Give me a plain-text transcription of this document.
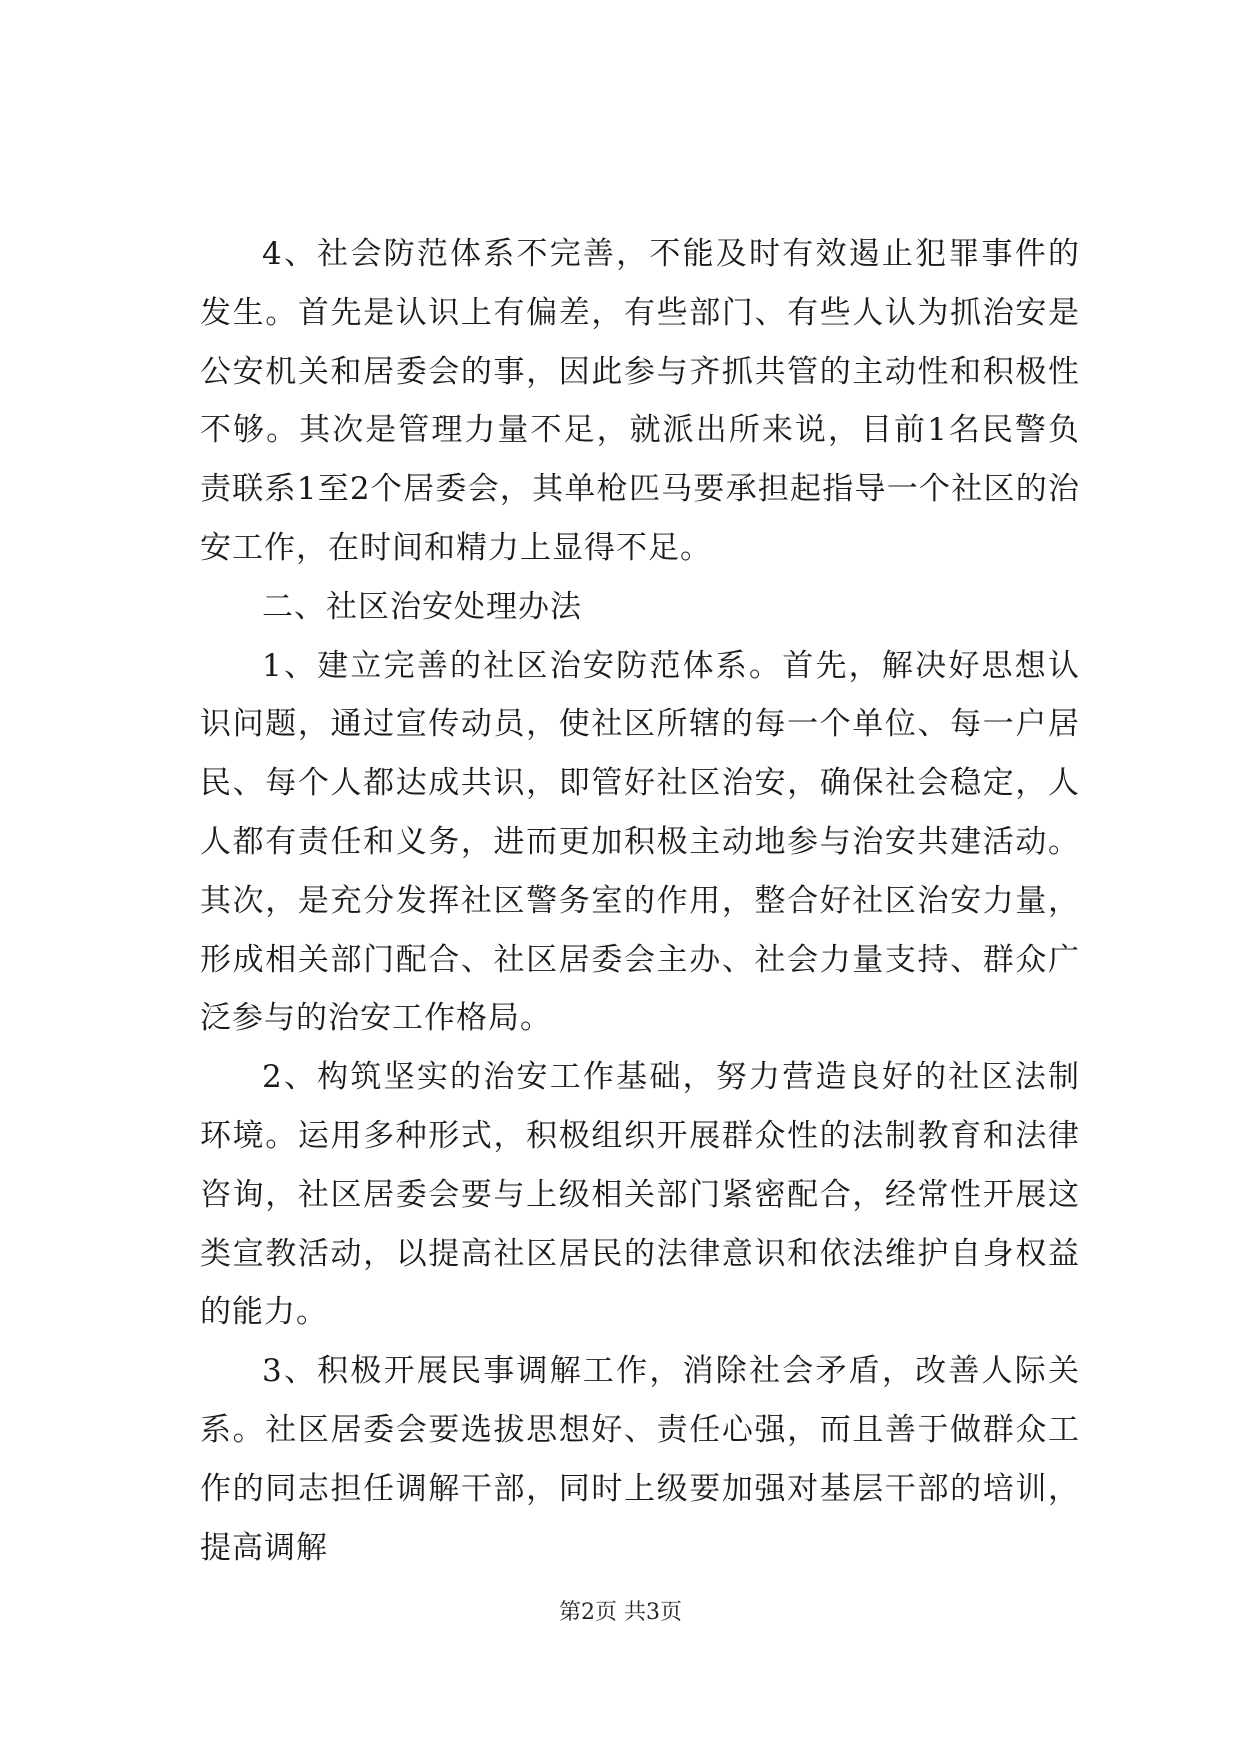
4、社会防范体系不完善，不能及时有效遏止犯罪事件的发生。首先是认识上有偏差，有些部门、有些人认为抓治安是公安机关和居委会的事，因此参与齐抓共管的主动性和积极性不够。其次是管理力量不足，就派出所来说，目前1名民警负责联系1至2个居委会，其单枪匹马要承担起指导一个社区的治安工作，在时间和精力上显得不足。

二、社区治安处理办法

1、建立完善的社区治安防范体系。首先，解决好思想认识问题，通过宣传动员，使社区所辖的每一个单位、每一户居民、每个人都达成共识，即管好社区治安，确保社会稳定，人人都有责任和义务，进而更加积极主动地参与治安共建活动。其次，是充分发挥社区警务室的作用，整合好社区治安力量，形成相关部门配合、社区居委会主办、社会力量支持、群众广泛参与的治安工作格局。

2、构筑坚实的治安工作基础，努力营造良好的社区法制环境。运用多种形式，积极组织开展群众性的法制教育和法律咨询，社区居委会要与上级相关部门紧密配合，经常性开展这类宣教活动，以提高社区居民的法律意识和依法维护自身权益的能力。

3、积极开展民事调解工作，消除社会矛盾，改善人际关系。社区居委会要选拔思想好、责任心强，而且善于做群众工作的同志担任调解干部，同时上级要加强对基层干部的培训，提高调解

第2页 共3页
